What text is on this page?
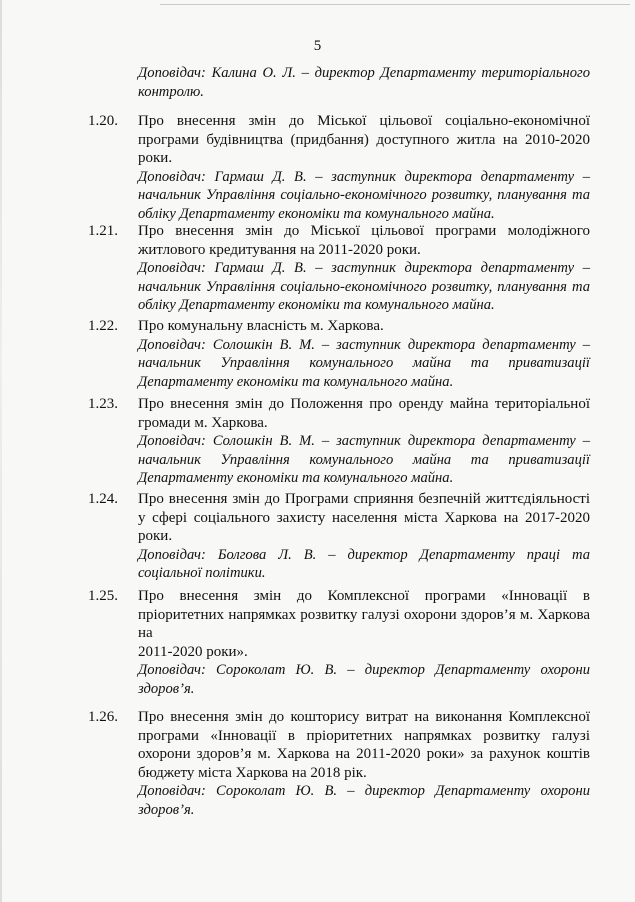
5

Доповідач: Калина О. Л. – директор Департаменту територіального контролю.

1.20. Про внесення змін до Міської цільової соціально-економічної програми будівництва (придбання) доступного житла на 2010-2020 роки.

Доповідач: Гармаш Д. В. – заступник директора департаменту – начальник Управління соціально-економічного розвитку, планування та обліку Департаменту економіки та комунального майна.

1.21. Про внесення змін до Міської цільової програми молодіжного житлового кредитування на 2011-2020 роки.

Доповідач: Гармаш Д. В. – заступник директора департаменту – начальник Управління соціально-економічного розвитку, планування та обліку Департаменту економіки та комунального майна.

1.22. Про комунальну власність м. Харкова.

Доповідач: Солошкін В. М. – заступник директора департаменту – начальник Управління комунального майна та приватизації Департаменту економіки та комунального майна.

1.23. Про внесення змін до Положення про оренду майна територіальної громади м. Харкова.

Доповідач: Солошкін В. М. – заступник директора департаменту – начальник Управління комунального майна та приватизації Департаменту економіки та комунального майна.

1.24. Про внесення змін до Програми сприяння безпечній життєдіяльності у сфері соціального захисту населення міста Харкова на 2017-2020 роки.

Доповідач: Болгова Л. В. – директор Департаменту праці та соціальної політики.

1.25. Про внесення змін до Комплексної програми «Інновації в пріоритетних напрямках розвитку галузі охорони здоров’я м. Харкова на

2011-2020 роки».

Доповідач: Сороколат Ю. В. – директор Департаменту охорони здоров’я.

1.26. Про внесення змін до кошторису витрат на виконання Комплексної програми «Інновації в пріоритетних напрямках розвитку галузі охорони здоров’я м. Харкова на 2011-2020 роки» за рахунок коштів бюджету міста Харкова на 2018 рік.

Доповідач: Сороколат Ю. В. – директор Департаменту охорони здоров’я.
